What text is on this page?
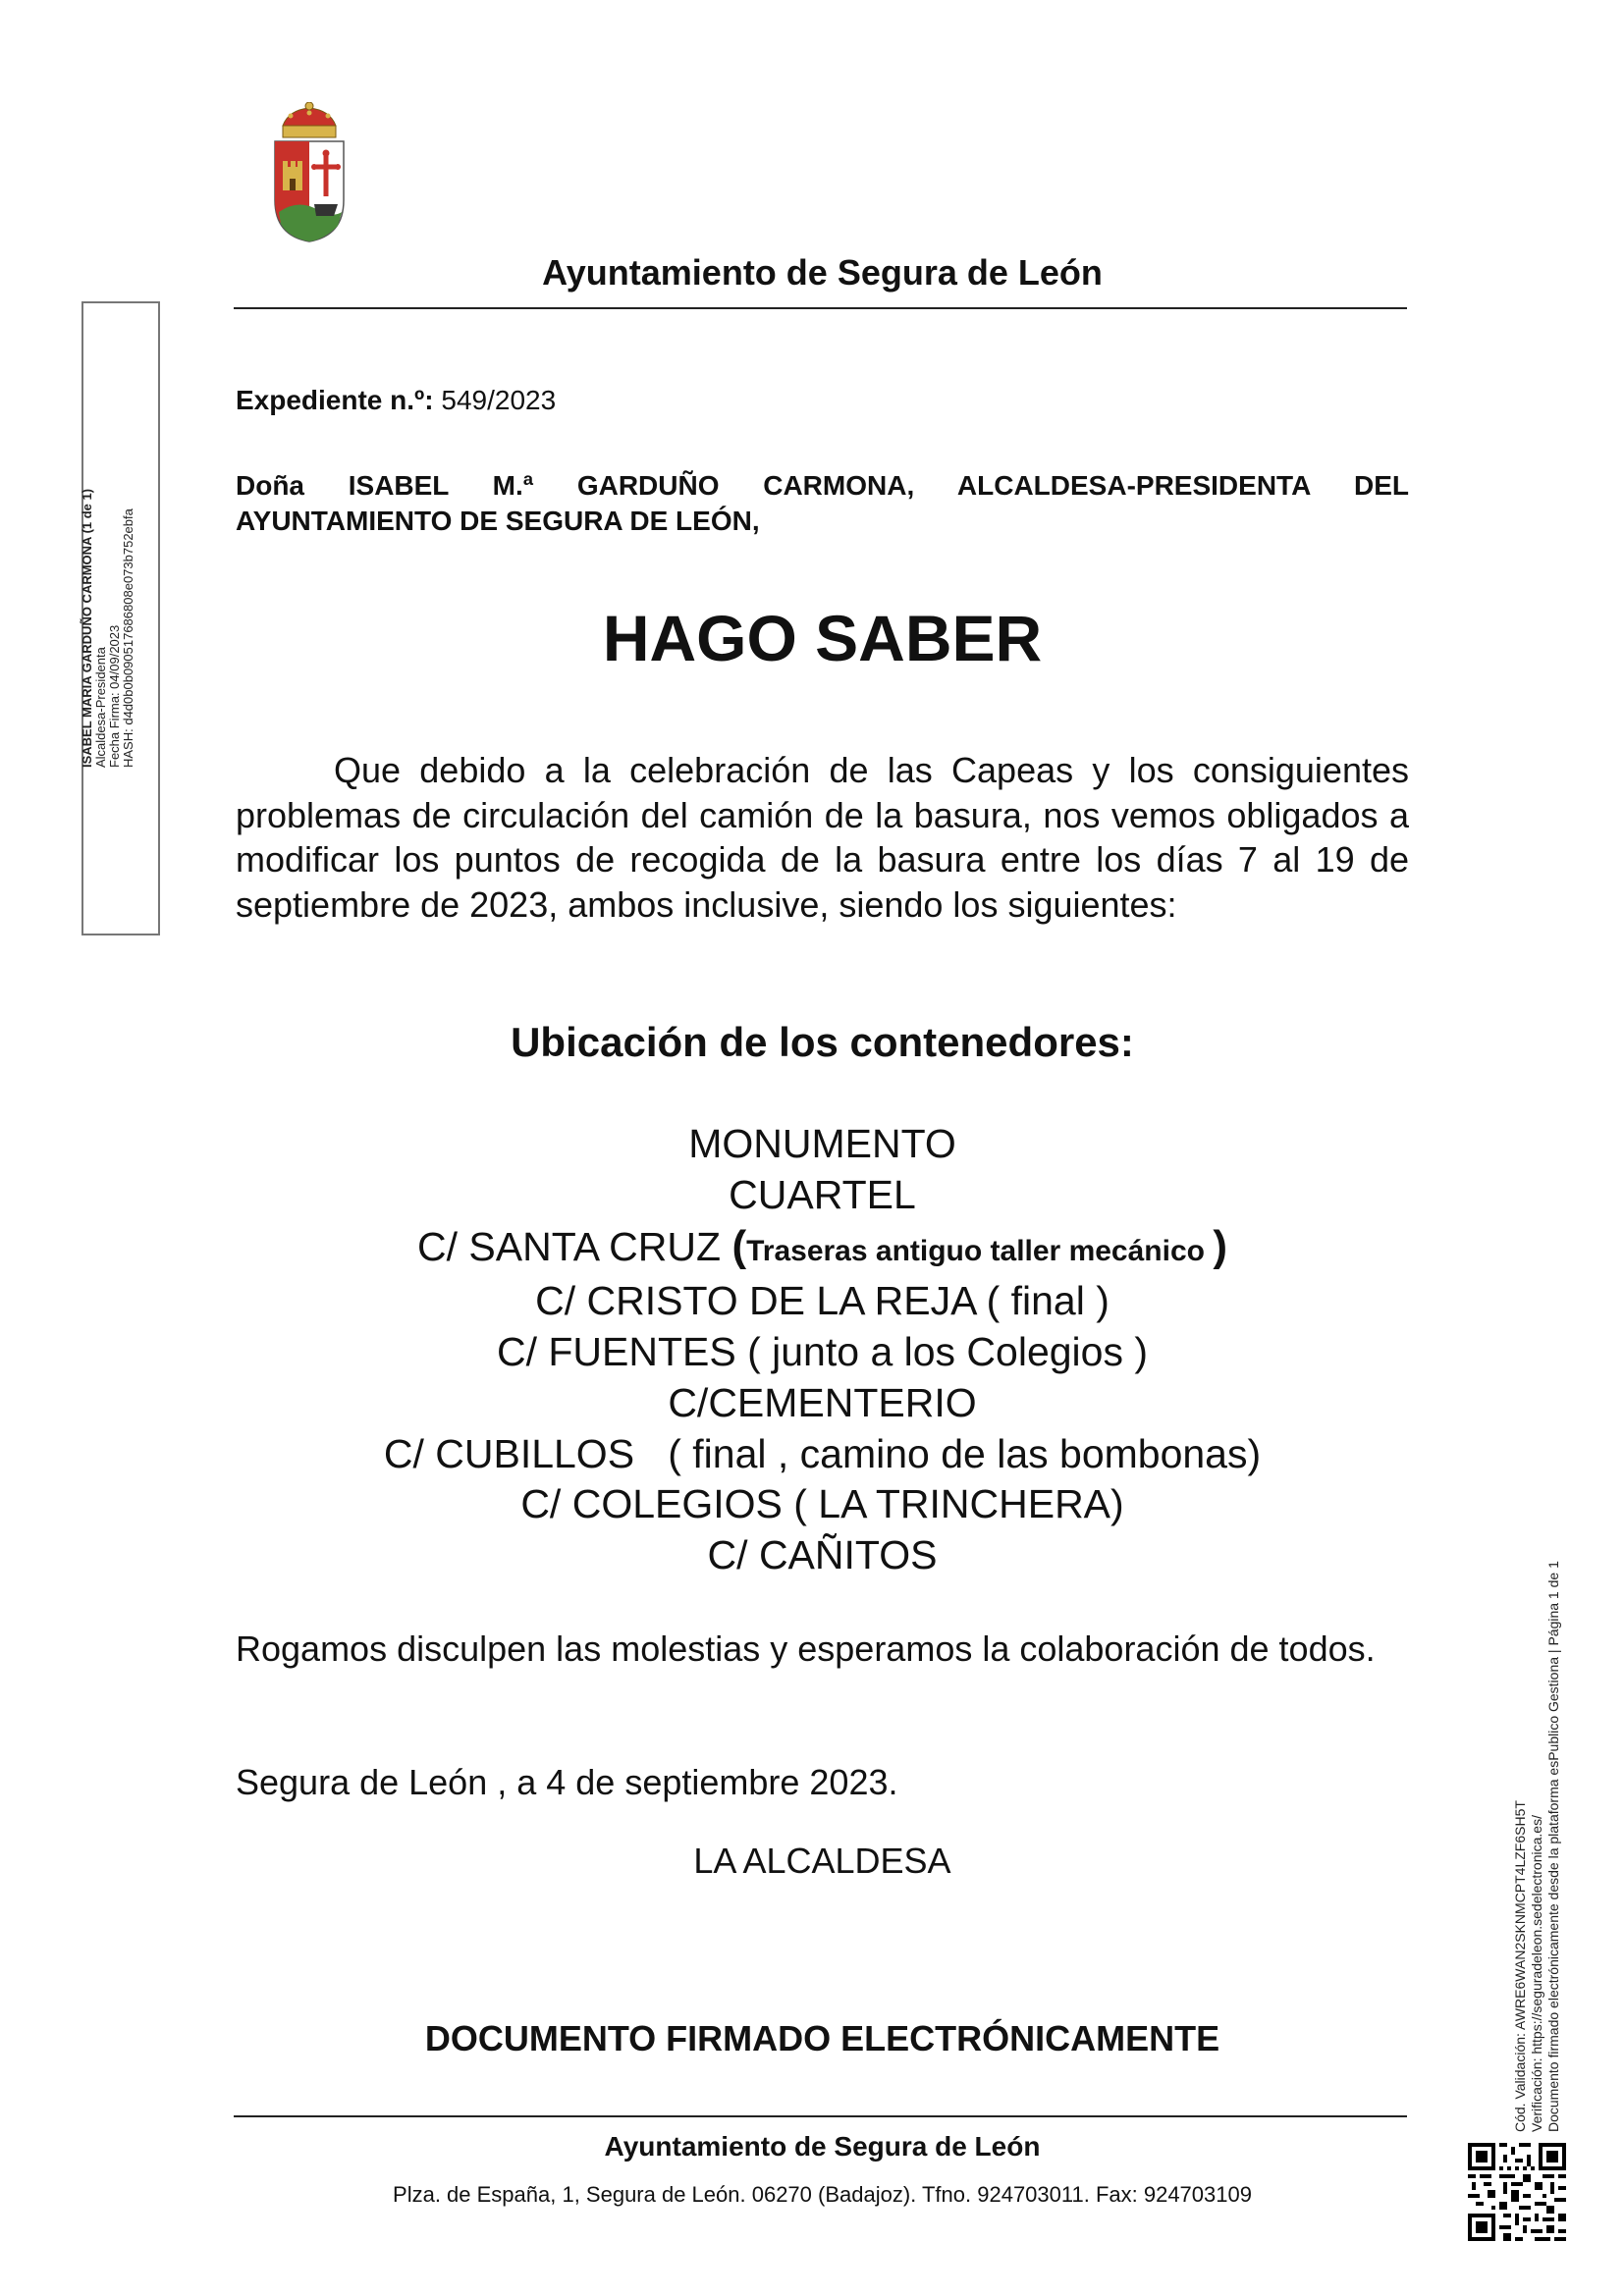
Ayuntamiento de Segura de León
ISABEL MARIA GARDUÑO CARMONA (1 de 1) Alcaldesa-Presidenta Fecha Firma: 04/09/2023 HASH: d4d0b0b090517686808e073b752ebfa
Expediente n.º: 549/2023
Doña ISABEL M.ª GARDUÑO CARMONA, ALCALDESA-PRESIDENTA DEL AYUNTAMIENTO DE SEGURA DE LEÓN,
HAGO SABER
Que debido a la celebración de las Capeas y los consiguientes problemas de circulación del camión de la basura, nos vemos obligados a modificar los puntos de recogida de la basura entre los días 7 al 19 de septiembre de 2023, ambos inclusive, siendo los siguientes:
Ubicación de los contenedores:
MONUMENTO
CUARTEL
C/ SANTA CRUZ (Traseras antiguo taller mecánico )
C/ CRISTO DE LA REJA ( final )
C/ FUENTES ( junto a los Colegios )
C/CEMENTERIO
C/ CUBILLOS   ( final , camino de las bombonas)
C/ COLEGIOS ( LA TRINCHERA)
C/ CAÑITOS
Rogamos disculpen las molestias y esperamos la colaboración de todos.
Segura de León , a 4 de septiembre 2023.
LA ALCALDESA
DOCUMENTO FIRMADO ELECTRÓNICAMENTE
Ayuntamiento de Segura de León
Plza. de España, 1, Segura de León. 06270 (Badajoz). Tfno. 924703011. Fax: 924703109
Cód. Validación: AWRE6WAN2SKNMCPT4LZF6SH5T Verificación: https://seguradeleon.sedelectronica.es/ Documento firmado electrónicamente desde la plataforma esPublico Gestiona | Página 1 de 1
